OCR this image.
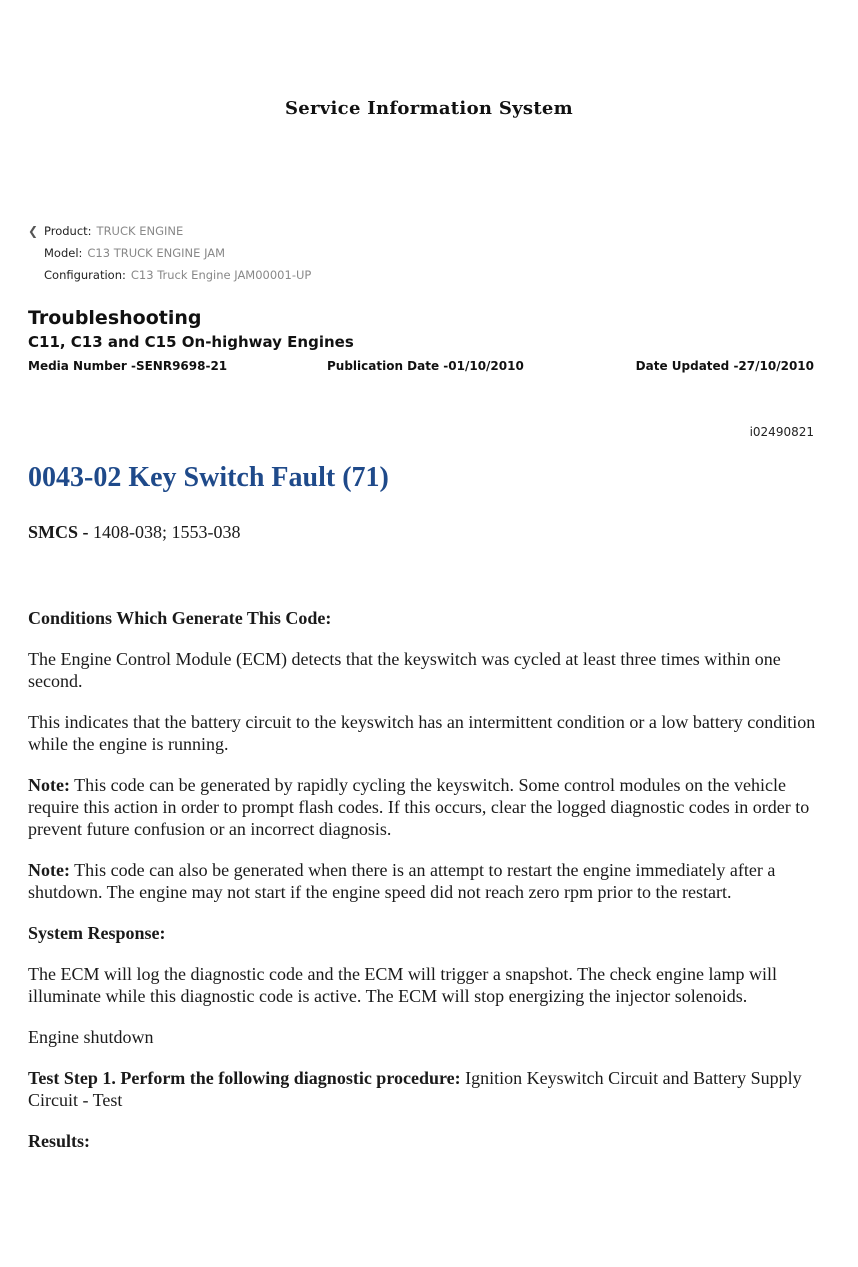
Service Information System
❮ Product: TRUCK ENGINE
Model: C13 TRUCK ENGINE JAM
Configuration: C13 Truck Engine JAM00001-UP
Troubleshooting
C11, C13 and C15 On-highway Engines
Media Number -SENR9698-21	Publication Date -01/10/2010	Date Updated -27/10/2010
i02490821
0043-02 Key Switch Fault (71)

SMCS - 1408-038; 1553-038

Conditions Which Generate This Code:

The Engine Control Module (ECM) detects that the keyswitch was cycled at least three times within one second.

This indicates that the battery circuit to the keyswitch has an intermittent condition or a low battery condition while the engine is running.

Note: This code can be generated by rapidly cycling the keyswitch. Some control modules on the vehicle require this action in order to prompt flash codes. If this occurs, clear the logged diagnostic codes in order to prevent future confusion or an incorrect diagnosis.

Note: This code can also be generated when there is an attempt to restart the engine immediately after a shutdown. The engine may not start if the engine speed did not reach zero rpm prior to the restart.

System Response:

The ECM will log the diagnostic code and the ECM will trigger a snapshot. The check engine lamp will illuminate while this diagnostic code is active. The ECM will stop energizing the injector solenoids.

Engine shutdown

Test Step 1. Perform the following diagnostic procedure: Ignition Keyswitch Circuit and Battery Supply Circuit - Test

Results:
